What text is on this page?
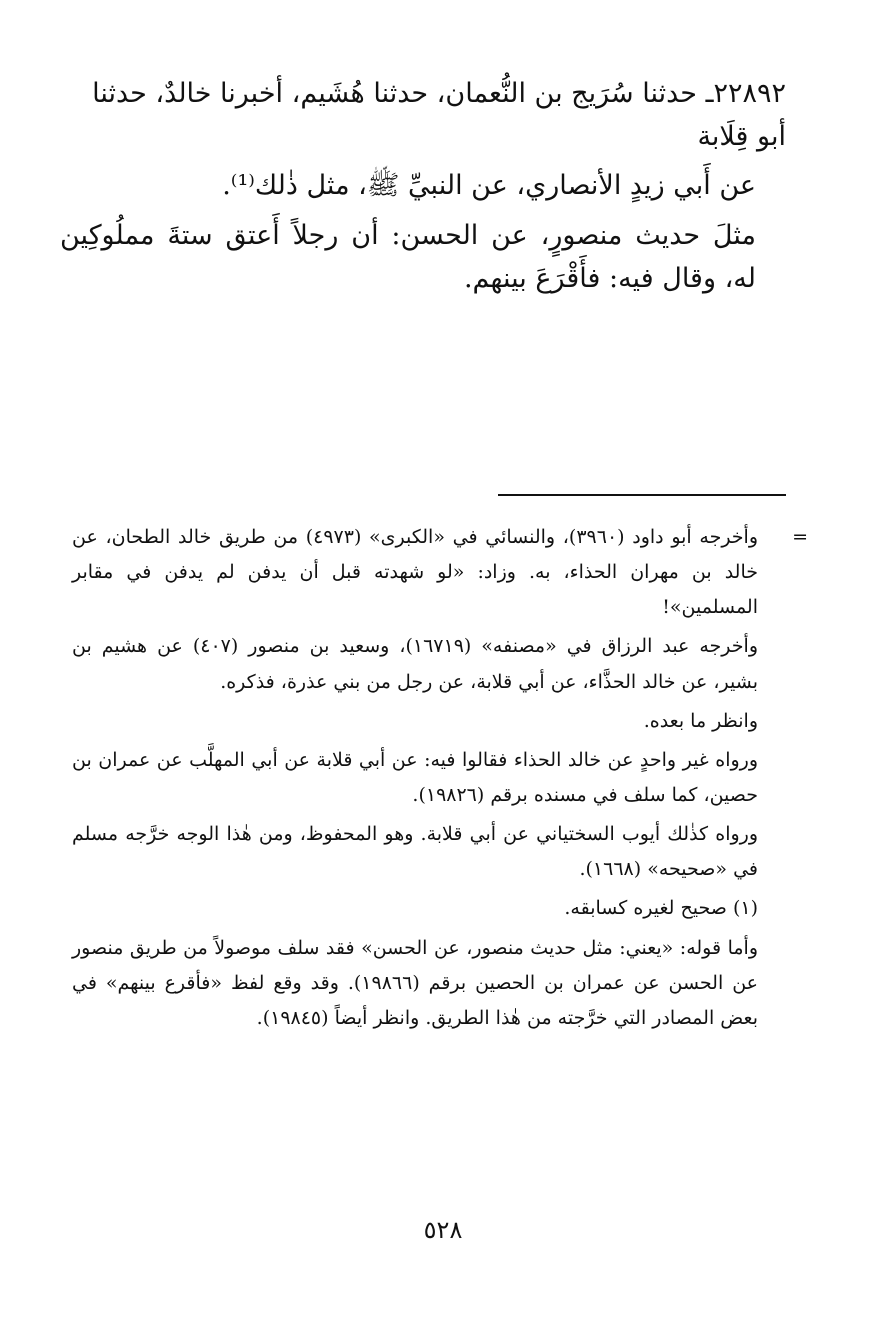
٢٢٨٩٢ـ حدثنا سُرَيج بن النُّعمان، حدثنا هُشَيم، أخبرنا خالدٌ، حدثنا
أبو قِلَابة

عن أَبي زيدٍ الأنصاري، عن النبيِّ ﷺ، مثل ذٰلك⁽¹⁾.

مثلَ حديث منصورٍ، عن الحسن: أن رجلاً أَعتق ستةَ مملُوكِين له، وقال فيه: فأَقْرَعَ بينهم.

=

وأخرجه أبو داود (٣٩٦٠)، والنسائي في «الكبرى» (٤٩٧٣) من طريق خالد الطحان، عن خالد بن مهران الحذاء، به. وزاد: «لو شهدته قبل أن يدفن لم يدفن في مقابر المسلمين»!

وأخرجه عبد الرزاق في «مصنفه» (١٦٧١٩)، وسعيد بن منصور (٤٠٧) عن هشيم بن بشير، عن خالد الحذَّاء، عن أبي قلابة، عن رجل من بني عذرة، فذكره.

وانظر ما بعده.

ورواه غير واحدٍ عن خالد الحذاء فقالوا فيه: عن أبي قلابة عن أبي المهلَّب عن عمران بن حصين، كما سلف في مسنده برقم (١٩٨٢٦).

ورواه كذٰلك أيوب السختياني عن أبي قلابة. وهو المحفوظ، ومن هٰذا الوجه خرَّجه مسلم في «صحيحه» (١٦٦٨).

(١) صحيح لغيره كسابقه.

وأما قوله: «يعني: مثل حديث منصور، عن الحسن» فقد سلف موصولاً من طريق منصور عن الحسن عن عمران بن الحصين برقم (١٩٨٦٦). وقد وقع لفظ «فأقرع بينهم» في بعض المصادر التي خرَّجته من هٰذا الطريق. وانظر أيضاً (١٩٨٤٥).

٥٢٨
